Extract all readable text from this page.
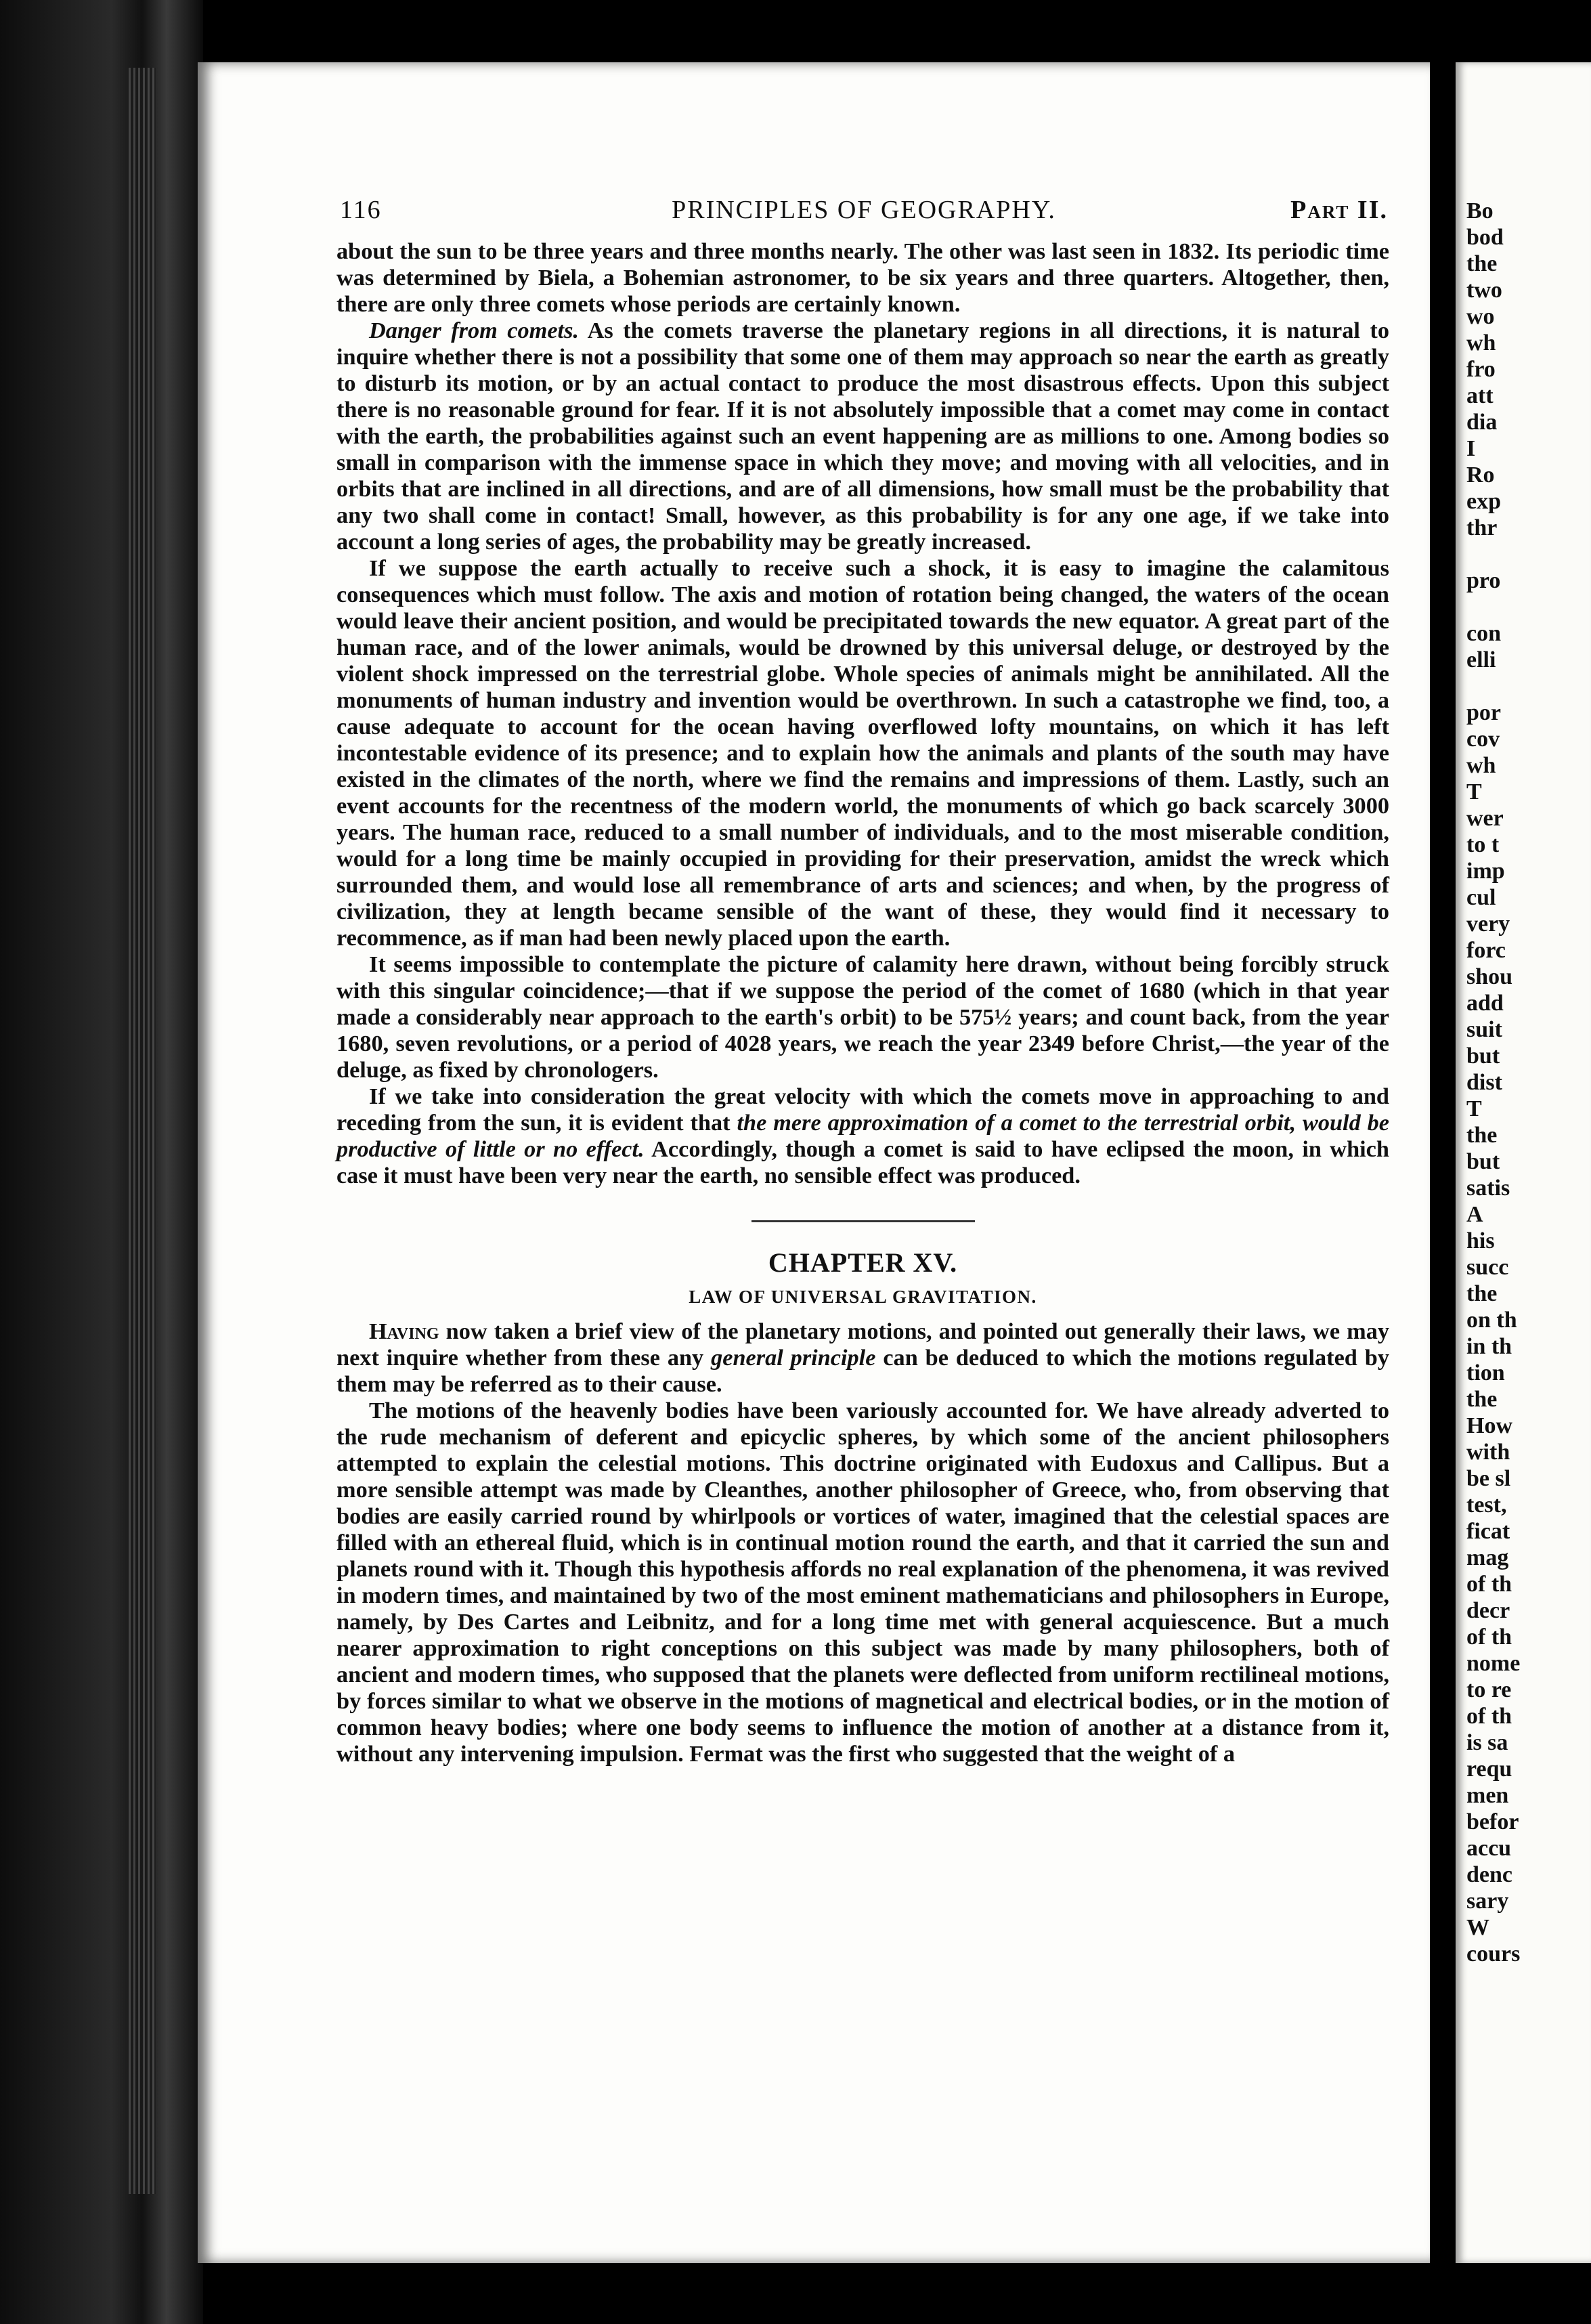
116	PRINCIPLES OF GEOGRAPHY.	Part II.

about the sun to be three years and three months nearly. The other was last seen in 1832. Its periodic time was determined by Biela, a Bohemian astronomer, to be six years and three quarters. Altogether, then, there are only three comets whose periods are certainly known.

Danger from comets. As the comets traverse the planetary regions in all directions, it is natural to inquire whether there is not a possibility that some one of them may approach so near the earth as greatly to disturb its motion, or by an actual contact to produce the most disastrous effects. Upon this subject there is no reasonable ground for fear. If it is not absolutely impossible that a comet may come in contact with the earth, the probabilities against such an event happening are as millions to one. Among bodies so small in comparison with the immense space in which they move; and moving with all velocities, and in orbits that are inclined in all directions, and are of all dimensions, how small must be the probability that any two shall come in contact! Small, however, as this probability is for any one age, if we take into account a long series of ages, the probability may be greatly increased.

If we suppose the earth actually to receive such a shock, it is easy to imagine the calamitous consequences which must follow. The axis and motion of rotation being changed, the waters of the ocean would leave their ancient position, and would be precipitated towards the new equator. A great part of the human race, and of the lower animals, would be drowned by this universal deluge, or destroyed by the violent shock impressed on the terrestrial globe. Whole species of animals might be annihilated. All the monuments of human industry and invention would be overthrown. In such a catastrophe we find, too, a cause adequate to account for the ocean having overflowed lofty mountains, on which it has left incontestable evidence of its presence; and to explain how the animals and plants of the south may have existed in the climates of the north, where we find the remains and impressions of them. Lastly, such an event accounts for the recentness of the modern world, the monuments of which go back scarcely 3000 years. The human race, reduced to a small number of individuals, and to the most miserable condition, would for a long time be mainly occupied in providing for their preservation, amidst the wreck which surrounded them, and would lose all remembrance of arts and sciences; and when, by the progress of civilization, they at length became sensible of the want of these, they would find it necessary to recommence, as if man had been newly placed upon the earth.

It seems impossible to contemplate the picture of calamity here drawn, without being forcibly struck with this singular coincidence;—that if we suppose the period of the comet of 1680 (which in that year made a considerably near approach to the earth's orbit) to be 575½ years; and count back, from the year 1680, seven revolutions, or a period of 4028 years, we reach the year 2349 before Christ,—the year of the deluge, as fixed by chronologers.

If we take into consideration the great velocity with which the comets move in approaching to and receding from the sun, it is evident that the mere approximation of a comet to the terrestrial orbit, would be productive of little or no effect. Accordingly, though a comet is said to have eclipsed the moon, in which case it must have been very near the earth, no sensible effect was produced.

CHAPTER XV.
LAW OF UNIVERSAL GRAVITATION.

Having now taken a brief view of the planetary motions, and pointed out generally their laws, we may next inquire whether from these any general principle can be deduced to which the motions regulated by them may be referred as to their cause.

The motions of the heavenly bodies have been variously accounted for. We have already adverted to the rude mechanism of deferent and epicyclic spheres, by which some of the ancient philosophers attempted to explain the celestial motions. This doctrine originated with Eudoxus and Callipus. But a more sensible attempt was made by Cleanthes, another philosopher of Greece, who, from observing that bodies are easily carried round by whirlpools or vortices of water, imagined that the celestial spaces are filled with an ethereal fluid, which is in continual motion round the earth, and that it carried the sun and planets round with it. Though this hypothesis affords no real explanation of the phenomena, it was revived in modern times, and maintained by two of the most eminent mathematicians and philosophers in Europe, namely, by Des Cartes and Leibnitz, and for a long time met with general acquiescence. But a much nearer approximation to right conceptions on this subject was made by many philosophers, both of ancient and modern times, who supposed that the planets were deflected from uniform rectilineal motions, by forces similar to what we observe in the motions of magnetical and electrical bodies, or in the motion of common heavy bodies; where one body seems to influence the motion of another at a distance from it, without any intervening impulsion. Fermat was the first who suggested that the weight of a

Bo
bod
the
two
wo
wh
fro
att
dia
I
Ro
exp
thr
pro
con
elli
por
cov
wh
T
wer
to t
imp
cul
very
forc
shou
add
suit
but
dist
T
the
but
satis
A
his
succ
the
on th
in th
tion
the
How
with
be sl
test,
ficat
mag
of th
decr
of th
nome
to re
of th
is sa
requ
men
befor
accu
denc
sary
W
cours
